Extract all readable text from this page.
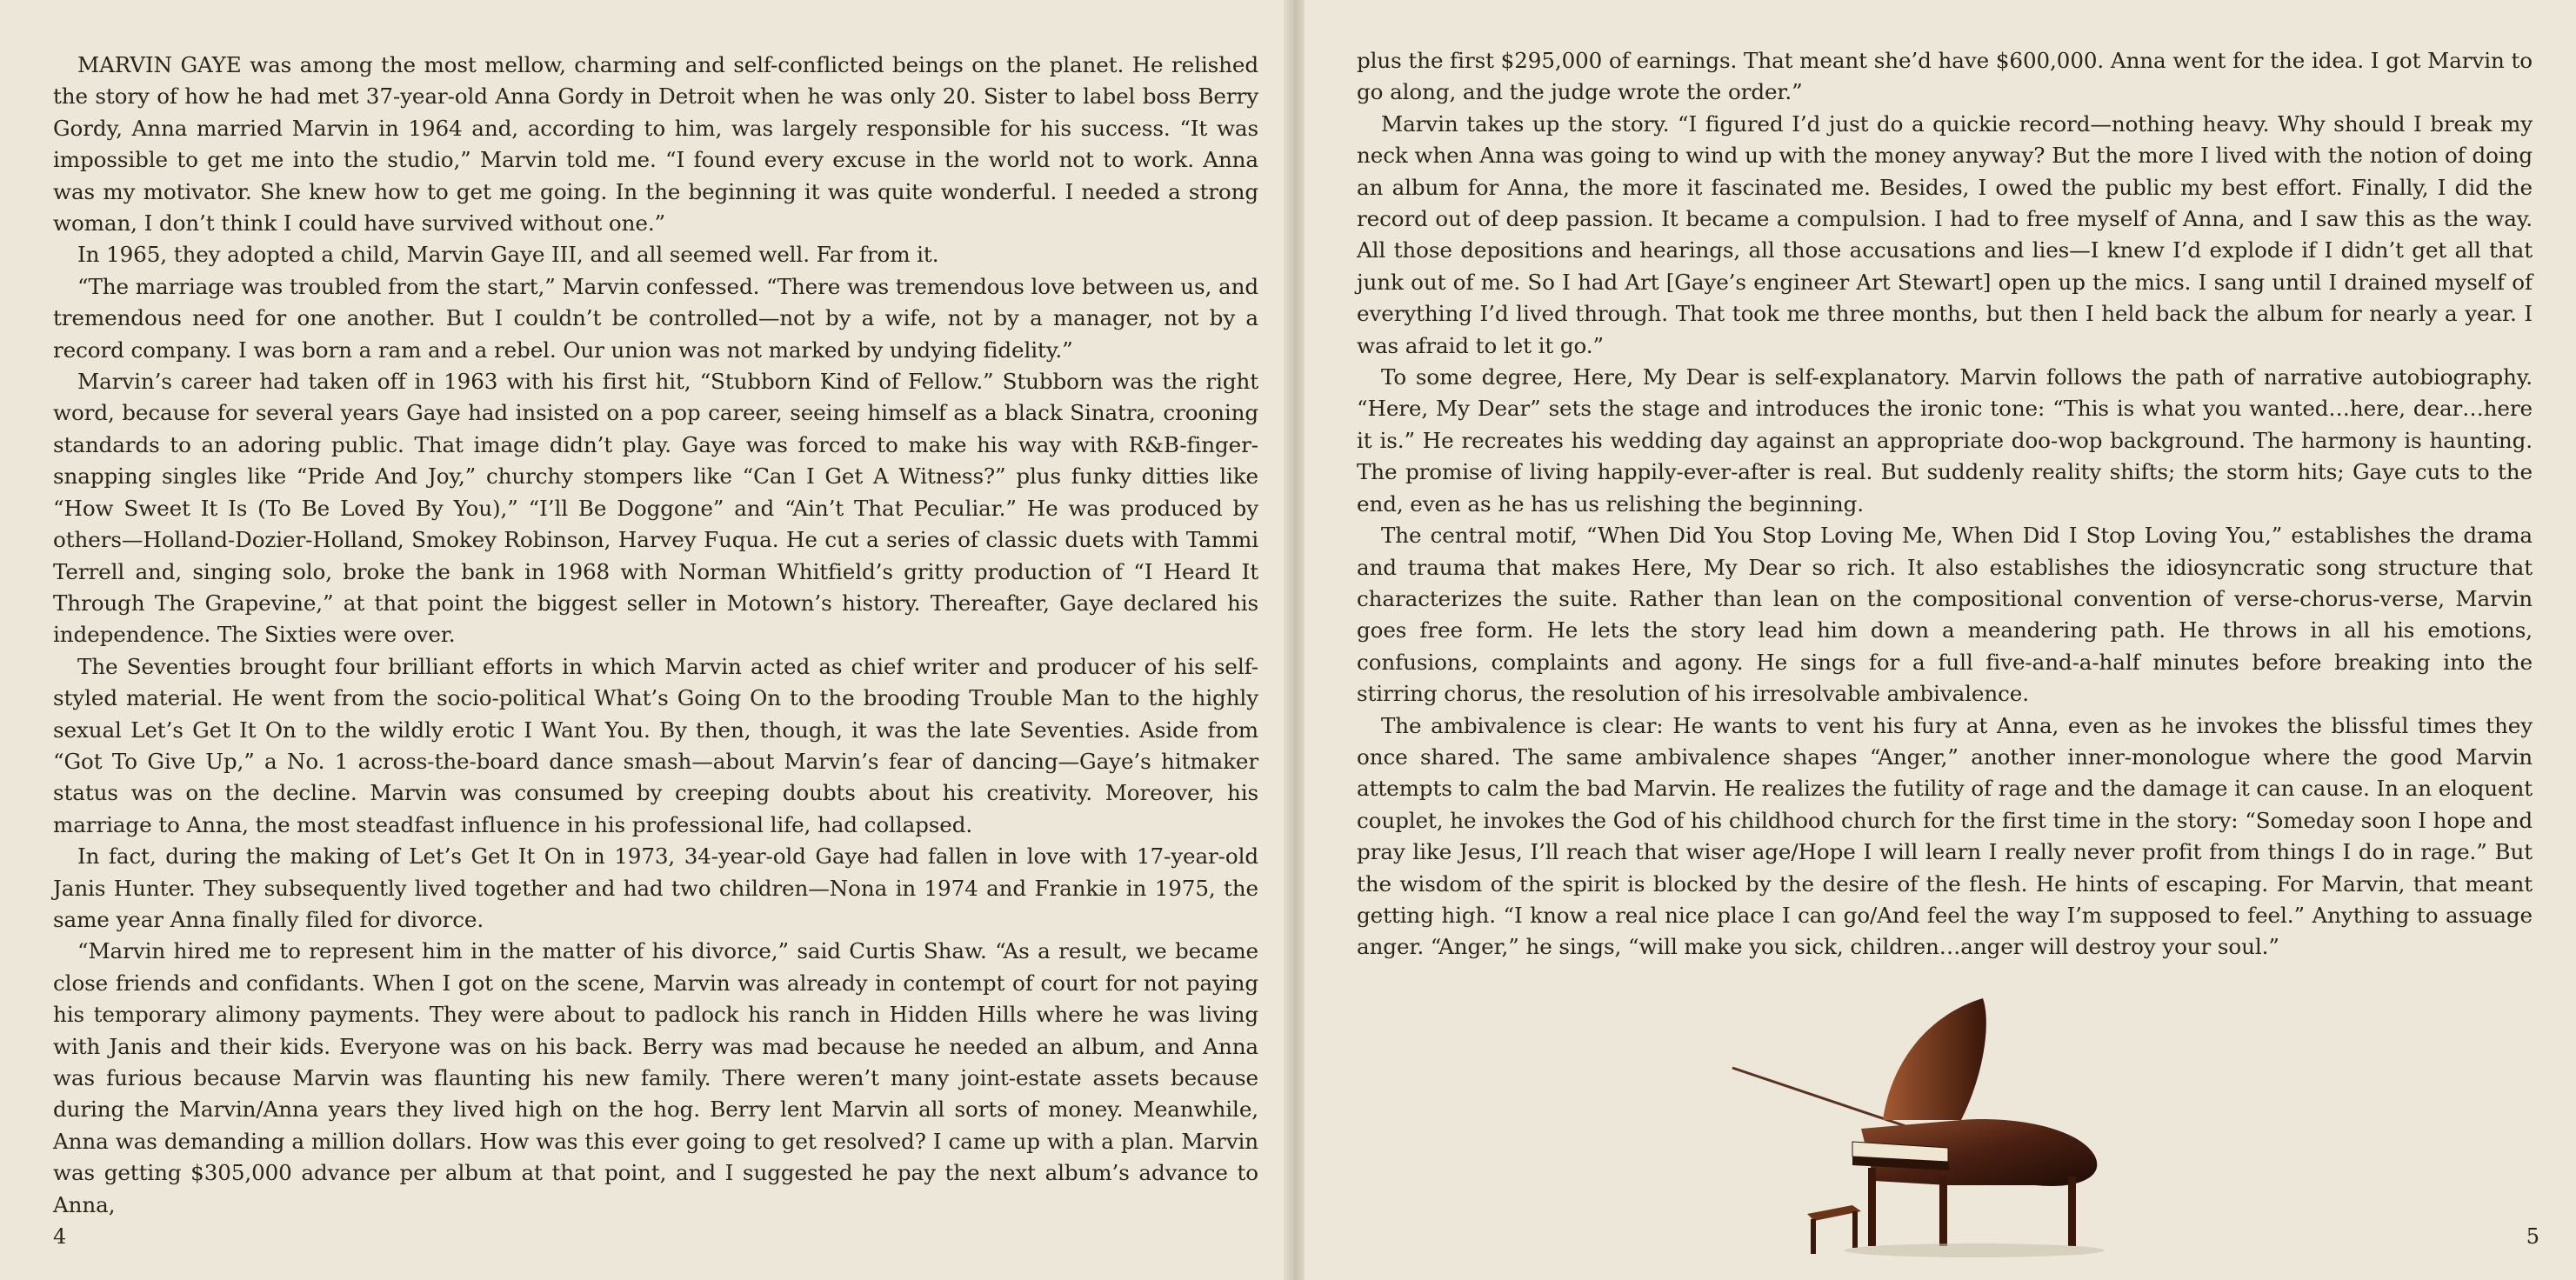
MARVIN GAYE was among the most mellow, charming and self-conflicted beings on the planet. He relished the story of how he had met 37-year-old Anna Gordy in Detroit when he was only 20. Sister to label boss Berry Gordy, Anna married Marvin in 1964 and, according to him, was largely responsible for his success. “It was impossible to get me into the studio,” Marvin told me. “I found every excuse in the world not to work. Anna was my motivator. She knew how to get me going. In the beginning it was quite wonderful. I needed a strong woman, I don’t think I could have survived without one.”

In 1965, they adopted a child, Marvin Gaye III, and all seemed well. Far from it.

“The marriage was troubled from the start,” Marvin confessed. “There was tremendous love between us, and tremendous need for one another. But I couldn’t be controlled—not by a wife, not by a manager, not by a record company. I was born a ram and a rebel. Our union was not marked by undying fidelity.”

Marvin’s career had taken off in 1963 with his first hit, “Stubborn Kind of Fellow.” Stubborn was the right word, because for several years Gaye had insisted on a pop career, seeing himself as a black Sinatra, crooning standards to an adoring public. That image didn’t play. Gaye was forced to make his way with R&B-finger-snapping singles like “Pride And Joy,” churchy stompers like “Can I Get A Witness?” plus funky ditties like “How Sweet It Is (To Be Loved By You),” “I’ll Be Doggone” and “Ain’t That Peculiar.” He was produced by others—Holland-Dozier-Holland, Smokey Robinson, Harvey Fuqua. He cut a series of classic duets with Tammi Terrell and, singing solo, broke the bank in 1968 with Norman Whitfield’s gritty production of “I Heard It Through The Grapevine,” at that point the biggest seller in Motown’s history. Thereafter, Gaye declared his independence. The Sixties were over.

The Seventies brought four brilliant efforts in which Marvin acted as chief writer and producer of his self-styled material. He went from the socio-political What’s Going On to the brooding Trouble Man to the highly sexual Let’s Get It On to the wildly erotic I Want You. By then, though, it was the late Seventies. Aside from “Got To Give Up,” a No. 1 across-the-board dance smash—about Marvin’s fear of dancing—Gaye’s hitmaker status was on the decline. Marvin was consumed by creeping doubts about his creativity. Moreover, his marriage to Anna, the most steadfast influence in his professional life, had collapsed.

In fact, during the making of Let’s Get It On in 1973, 34-year-old Gaye had fallen in love with 17-year-old Janis Hunter. They subsequently lived together and had two children—Nona in 1974 and Frankie in 1975, the same year Anna finally filed for divorce.

“Marvin hired me to represent him in the matter of his divorce,” said Curtis Shaw. “As a result, we became close friends and confidants. When I got on the scene, Marvin was already in contempt of court for not paying his temporary alimony payments. They were about to padlock his ranch in Hidden Hills where he was living with Janis and their kids. Everyone was on his back. Berry was mad because he needed an album, and Anna was furious because Marvin was flaunting his new family. There weren’t many joint-estate assets because during the Marvin/Anna years they lived high on the hog. Berry lent Marvin all sorts of money. Meanwhile, Anna was demanding a million dollars. How was this ever going to get resolved? I came up with a plan. Marvin was getting $305,000 advance per album at that point, and I suggested he pay the next album’s advance to Anna,

4

plus the first $295,000 of earnings. That meant she’d have $600,000. Anna went for the idea. I got Marvin to go along, and the judge wrote the order.”

Marvin takes up the story. “I figured I’d just do a quickie record—nothing heavy. Why should I break my neck when Anna was going to wind up with the money anyway? But the more I lived with the notion of doing an album for Anna, the more it fascinated me. Besides, I owed the public my best effort. Finally, I did the record out of deep passion. It became a compulsion. I had to free myself of Anna, and I saw this as the way. All those depositions and hearings, all those accusations and lies—I knew I’d explode if I didn’t get all that junk out of me. So I had Art [Gaye’s engineer Art Stewart] open up the mics. I sang until I drained myself of everything I’d lived through. That took me three months, but then I held back the album for nearly a year. I was afraid to let it go.”

To some degree, Here, My Dear is self-explanatory. Marvin follows the path of narrative autobiography. “Here, My Dear” sets the stage and introduces the ironic tone: “This is what you wanted…here, dear…here it is.” He recreates his wedding day against an appropriate doo-wop background. The harmony is haunting. The promise of living happily-ever-after is real. But suddenly reality shifts; the storm hits; Gaye cuts to the end, even as he has us relishing the beginning.

The central motif, “When Did You Stop Loving Me, When Did I Stop Loving You,” establishes the drama and trauma that makes Here, My Dear so rich. It also establishes the idiosyncratic song structure that characterizes the suite. Rather than lean on the compositional convention of verse-chorus-verse, Marvin goes free form. He lets the story lead him down a meandering path. He throws in all his emotions, confusions, complaints and agony. He sings for a full five-and-a-half minutes before breaking into the stirring chorus, the resolution of his irresolvable ambivalence.

The ambivalence is clear: He wants to vent his fury at Anna, even as he invokes the blissful times they once shared. The same ambivalence shapes “Anger,” another inner-monologue where the good Marvin attempts to calm the bad Marvin. He realizes the futility of rage and the damage it can cause. In an eloquent couplet, he invokes the God of his childhood church for the first time in the story: “Someday soon I hope and pray like Jesus, I’ll reach that wiser age/Hope I will learn I really never profit from things I do in rage.” But the wisdom of the spirit is blocked by the desire of the flesh. He hints of escaping. For Marvin, that meant getting high. “I know a real nice place I can go/And feel the way I’m supposed to feel.” Anything to assuage anger. “Anger,” he sings, “will make you sick, children…anger will destroy your soul.”

5
